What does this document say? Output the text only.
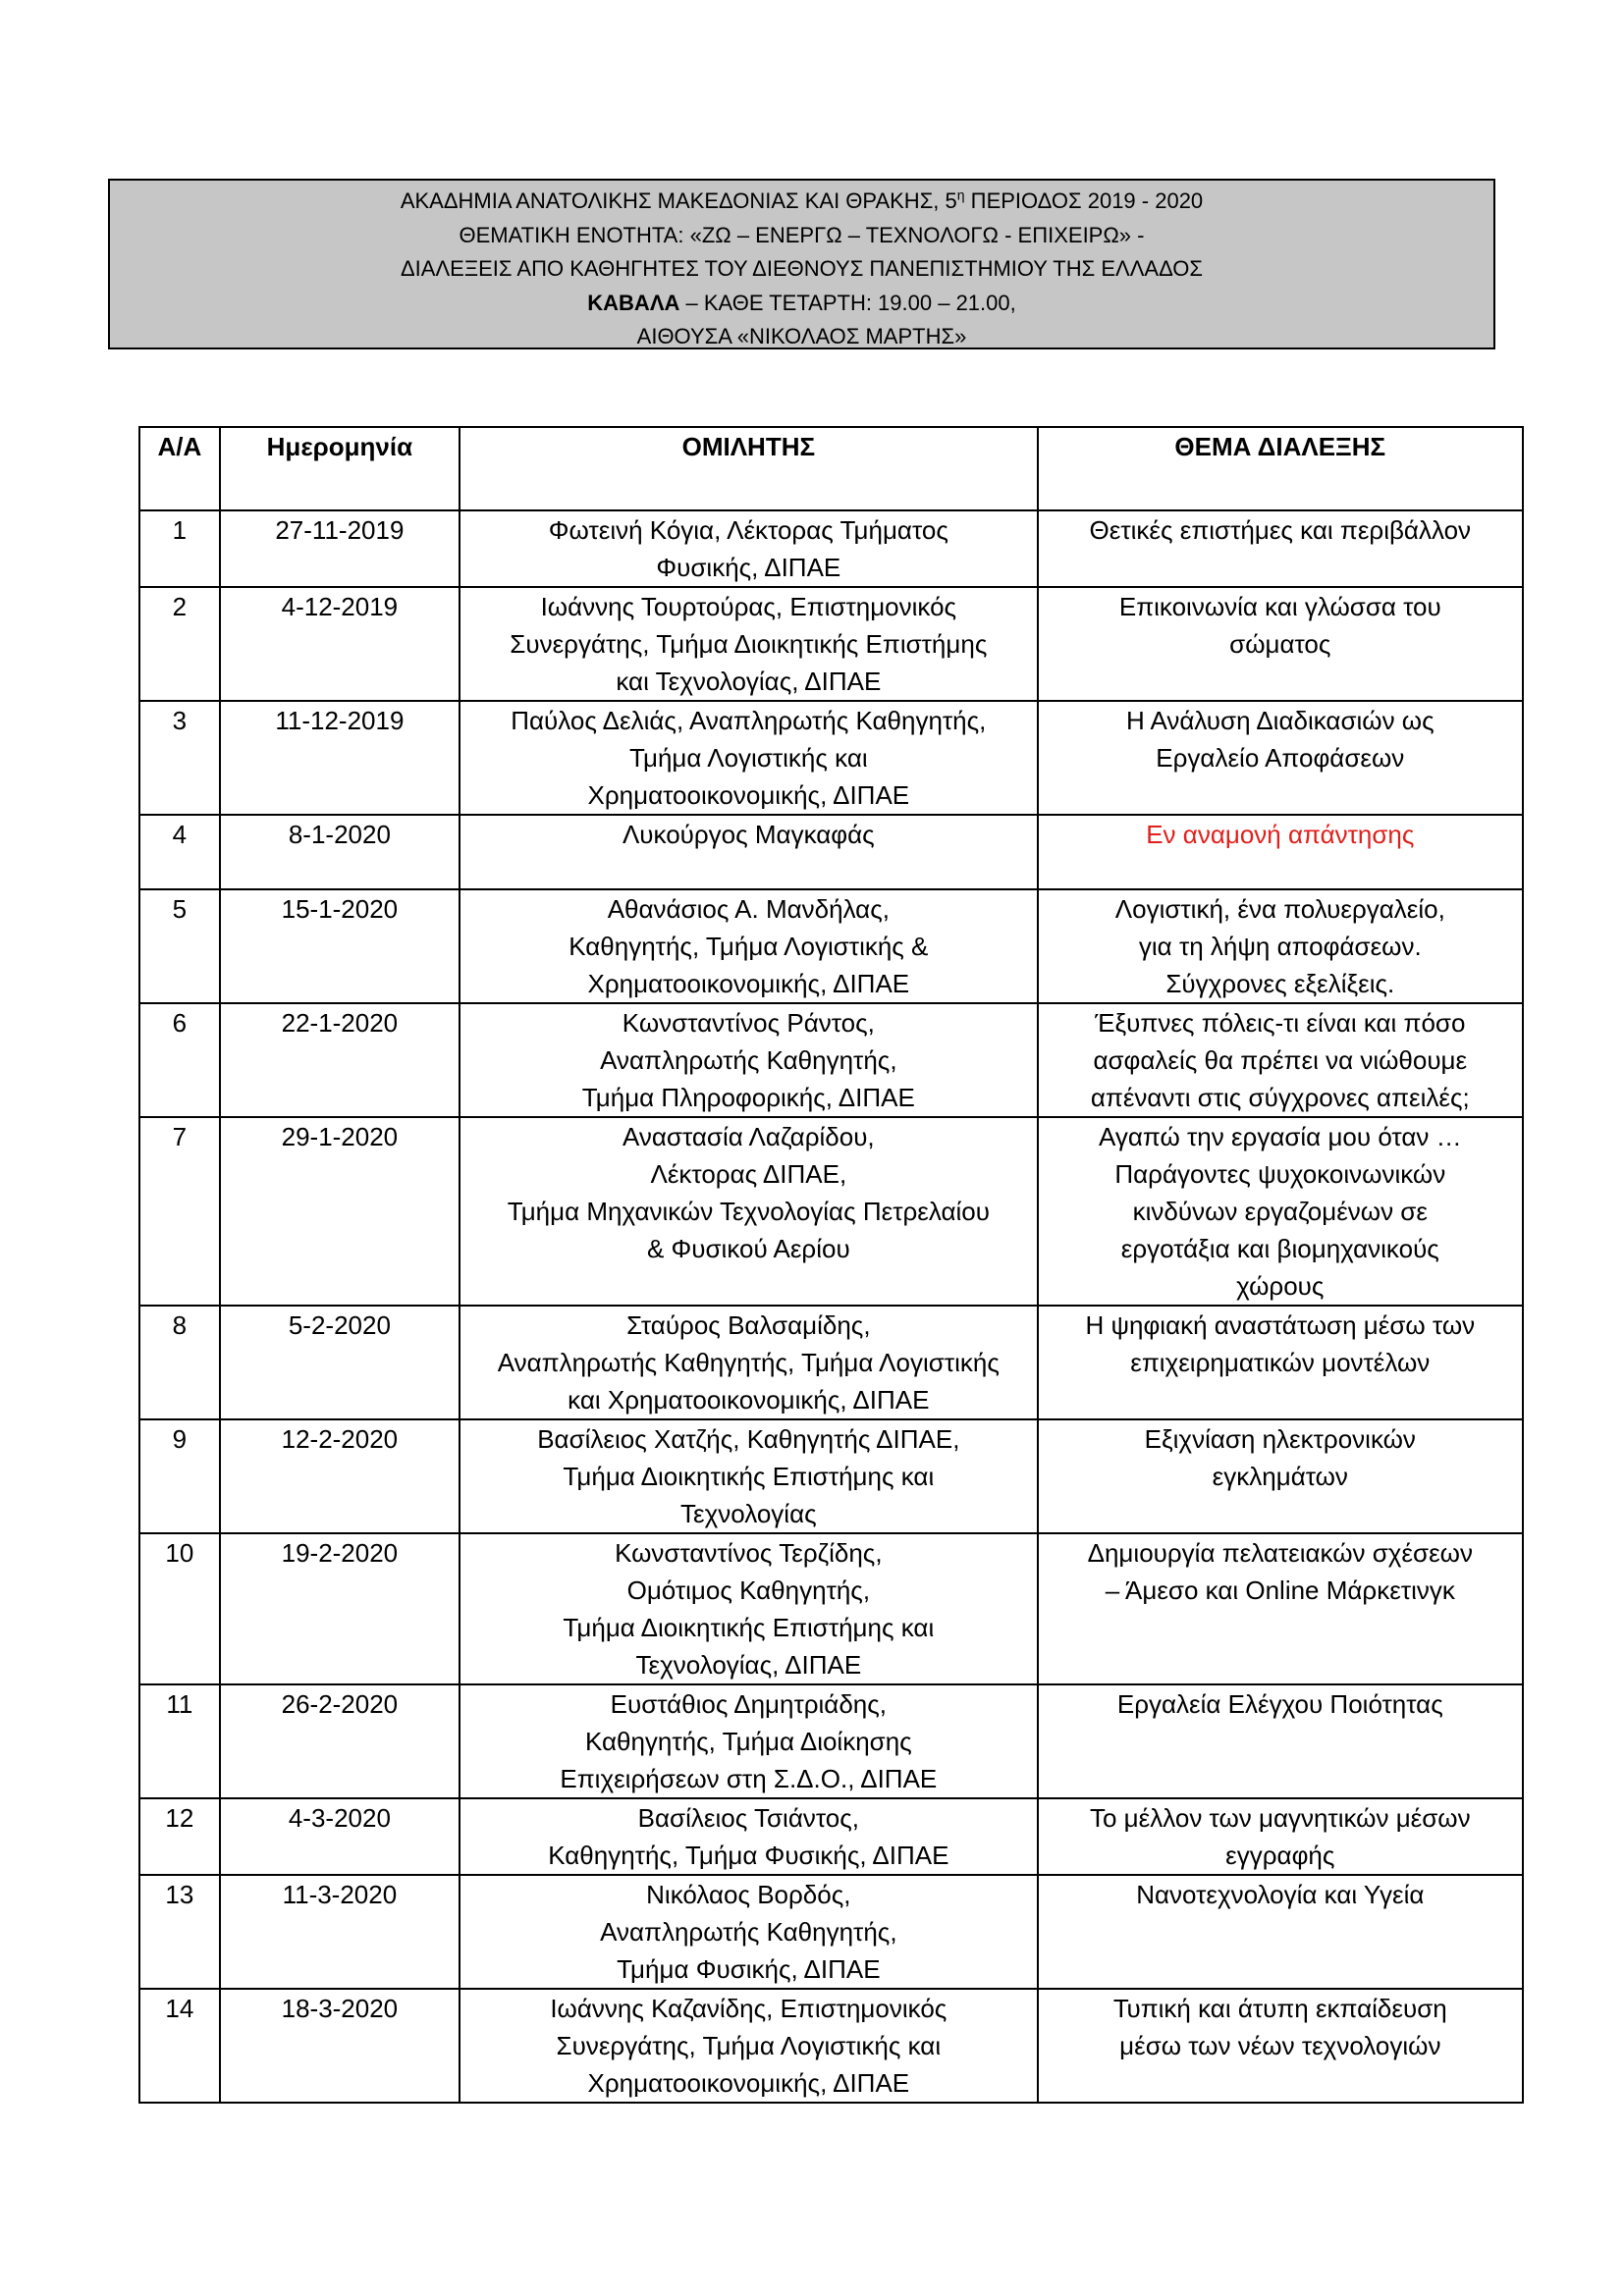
ΑΚΑΔΗΜΙΑ ΑΝΑΤΟΛΙΚΗΣ ΜΑΚΕΔΟΝΙΑΣ ΚΑΙ ΘΡΑΚΗΣ, $5^\eta$ ΠΕΡΙΟΔΟΣ 2019 - 2020
ΘΕΜΑΤΙΚΗ ΕΝΟΤΗΤΑ: «ΖΩ – ΕΝΕΡΓΩ – ΤΕΧΝΟΛΟΓΩ - ΕΠΙΧΕΙΡΩ» -
ΔΙΑΛΕΞΕΙΣ ΑΠΟ ΚΑΘΗΓΗΤΕΣ ΤΟΥ ΔΙΕΘΝΟΥΣ ΠΑΝΕΠΙΣΤΗΜΙΟΥ ΤΗΣ ΕΛΛΑΔΟΣ
ΚΑΒΑΛΑ – ΚΑΘΕ ΤΕΤΑΡΤΗ: 19.00 – 21.00,
ΑΙΘΟΥΣΑ «ΝΙΚΟΛΑΟΣ ΜΑΡΤΗΣ»
Α/Α	Ημερομηνία	ΟΜΙΛΗΤΗΣ	ΘΕΜΑ ΔΙΑΛΕΞΗΣ
1	27-11-2019	Φωτεινή Κόγια, Λέκτορας Τμήματος
Φυσικής, ΔΙΠΑΕ	Θετικές επιστήμες και περιβάλλον

2	4-12-2019	Ιωάννης Τουρτούρας, Επιστημονικός
Συνεργάτης, Τμήμα Διοικητικής Επιστήμης
και Τεχνολογίας, ΔΙΠΑΕ	Επικοινωνία και γλώσσα του
σώματος

3	11-12-2019	Παύλος Δελιάς, Αναπληρωτής Καθηγητής,
Τμήμα Λογιστικής και
Χρηματοοικονομικής, ΔΙΠΑΕ	Η Ανάλυση Διαδικασιών ως
Εργαλείο Αποφάσεων

4	8-1-2020	Λυκούργος Μαγκαφάς	Εν αναμονή απάντησης

5	15-1-2020	Αθανάσιος Α. Μανδήλας,
Καθηγητής, Τμήμα Λογιστικής &
Χρηματοοικονομικής, ΔΙΠΑΕ	Λογιστική, ένα πολυεργαλείο,
για τη λήψη αποφάσεων.
Σύγχρονες εξελίξεις.

6	22-1-2020	Κωνσταντίνος Ράντος,
Αναπληρωτής Καθηγητής,
Τμήμα Πληροφορικής, ΔΙΠΑΕ	Έξυπνες πόλεις-τι είναι και πόσο
ασφαλείς θα πρέπει να νιώθουμε
απέναντι στις σύγχρονες απειλές;

7	29-1-2020	Αναστασία Λαζαρίδου,
Λέκτορας ΔΙΠΑΕ,
Τμήμα Μηχανικών Τεχνολογίας Πετρελαίου
& Φυσικού Αερίου	Αγαπώ την εργασία μου όταν …
Παράγοντες ψυχοκοινωνικών
κινδύνων εργαζομένων σε
εργοτάξια και βιομηχανικούς
χώρους

8	5-2-2020	Σταύρος Βαλσαμίδης,
Αναπληρωτής Καθηγητής, Τμήμα Λογιστικής
και Χρηματοοικονομικής, ΔΙΠΑΕ	Η ψηφιακή αναστάτωση μέσω των
επιχειρηματικών μοντέλων

9	12-2-2020	Βασίλειος Χατζής, Καθηγητής ΔΙΠΑΕ,
Τμήμα Διοικητικής Επιστήμης και
Τεχνολογίας	Εξιχνίαση ηλεκτρονικών
εγκλημάτων

10	19-2-2020	Κωνσταντίνος Τερζίδης,
Ομότιμος Καθηγητής,
Τμήμα Διοικητικής Επιστήμης και
Τεχνολογίας, ΔΙΠΑΕ	Δημιουργία πελατειακών σχέσεων
– Άμεσο και Online Μάρκετινγκ

11	26-2-2020	Ευστάθιος Δημητριάδης,
Καθηγητής, Τμήμα Διοίκησης
Επιχειρήσεων στη Σ.Δ.Ο., ΔΙΠΑΕ	Εργαλεία Ελέγχου Ποιότητας

12	4-3-2020	Βασίλειος Τσιάντος,
Καθηγητής, Τμήμα Φυσικής, ΔΙΠΑΕ	Το μέλλον των μαγνητικών μέσων
εγγραφής

13	11-3-2020	Νικόλαος Βορδός,
Αναπληρωτής Καθηγητής,
Τμήμα Φυσικής, ΔΙΠΑΕ	Νανοτεχνολογία και Υγεία

14	18-3-2020	Ιωάννης Καζανίδης, Επιστημονικός
Συνεργάτης, Τμήμα Λογιστικής και
Χρηματοοικονομικής, ΔΙΠΑΕ	Τυπική και άτυπη εκπαίδευση
μέσω των νέων τεχνολογιών
